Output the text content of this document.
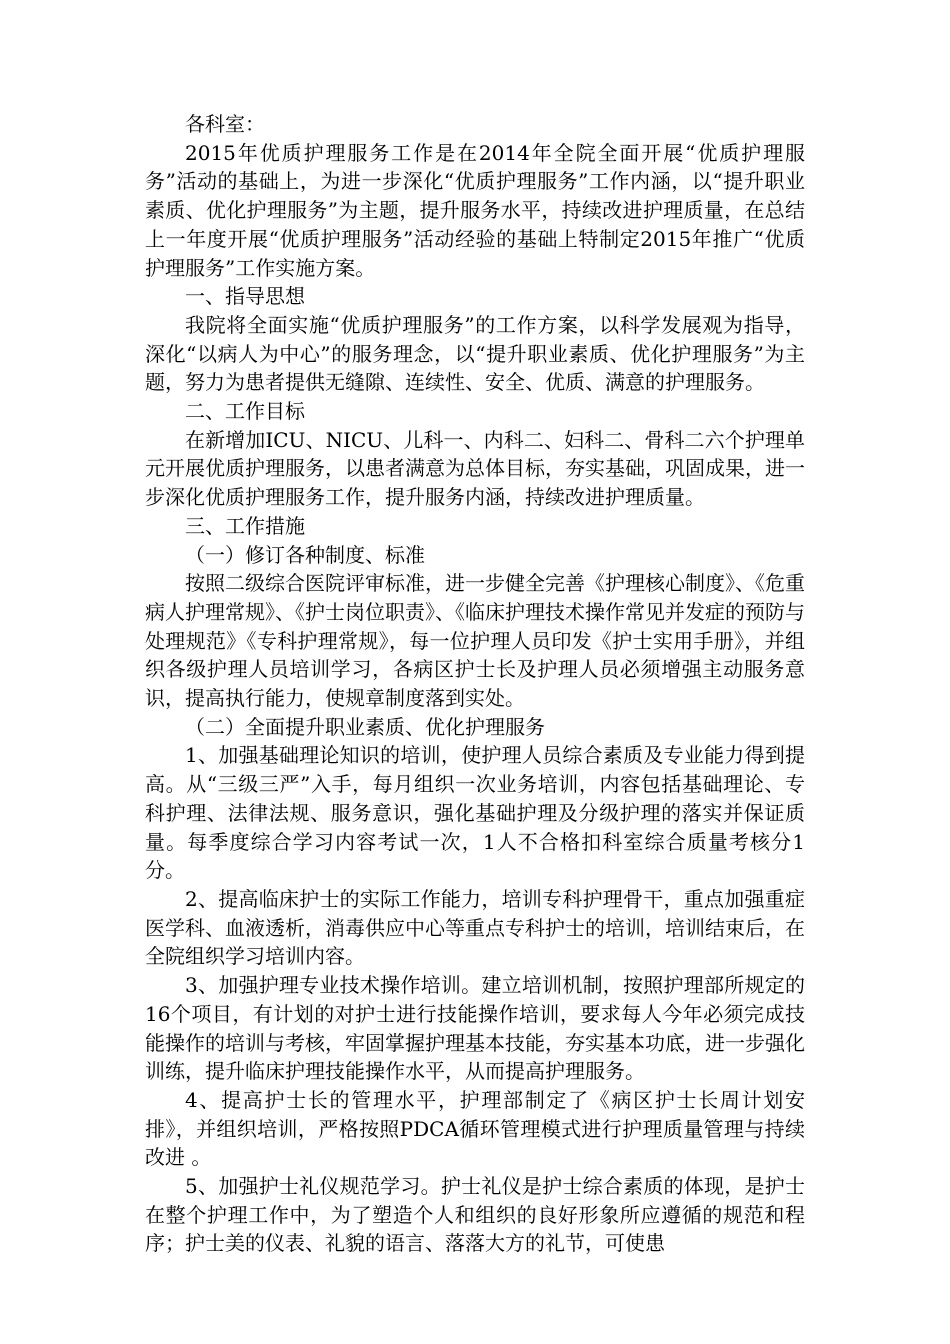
各科室：

2015年优质护理服务工作是在2014年全院全面开展“优质护理服务”活动的基础上，为进一步深化“优质护理服务”工作内涵，以“提升职业素质、优化护理服务”为主题，提升服务水平，持续改进护理质量，在总结上一年度开展“优质护理服务”活动经验的基础上特制定2015年推广“优质护理服务”工作实施方案。

一、指导思想

我院将全面实施“优质护理服务”的工作方案，以科学发展观为指导，深化“以病人为中心”的服务理念，以“提升职业素质、优化护理服务”为主题，努力为患者提供无缝隙、连续性、安全、优质、满意的护理服务。

二、工作目标

在新增加ICU、NICU、儿科一、内科二、妇科二、骨科二六个护理单元开展优质护理服务，以患者满意为总体目标，夯实基础，巩固成果，进一步深化优质护理服务工作，提升服务内涵，持续改进护理质量。

三、工作措施

（一）修订各种制度、标准

按照二级综合医院评审标准，进一步健全完善《护理核心制度》、《危重病人护理常规》、《护士岗位职责》、《临床护理技术操作常见并发症的预防与处理规范》《专科护理常规》，每一位护理人员印发《护士实用手册》，并组织各级护理人员培训学习，各病区护士长及护理人员必须增强主动服务意识，提高执行能力，使规章制度落到实处。

（二）全面提升职业素质、优化护理服务

1、加强基础理论知识的培训，使护理人员综合素质及专业能力得到提高。从“三级三严”入手，每月组织一次业务培训，内容包括基础理论、专科护理、法律法规、服务意识，强化基础护理及分级护理的落实并保证质量。每季度综合学习内容考试一次，1人不合格扣科室综合质量考核分1分。

2、提高临床护士的实际工作能力，培训专科护理骨干，重点加强重症医学科、血液透析，消毒供应中心等重点专科护士的培训，培训结束后，在全院组织学习培训内容。

3、加强护理专业技术操作培训。建立培训机制，按照护理部所规定的16个项目，有计划的对护士进行技能操作培训，要求每人今年必须完成技能操作的培训与考核，牢固掌握护理基本技能，夯实基本功底，进一步强化训练，提升临床护理技能操作水平，从而提高护理服务。

4、提高护士长的管理水平，护理部制定了《病区护士长周计划安排》，并组织培训，严格按照PDCA循环管理模式进行护理质量管理与持续改进 。

5、加强护士礼仪规范学习。护士礼仪是护士综合素质的体现，是护士在整个护理工作中，为了塑造个人和组织的良好形象所应遵循的规范和程序；护士美的仪表、礼貌的语言、落落大方的礼节，可使患
